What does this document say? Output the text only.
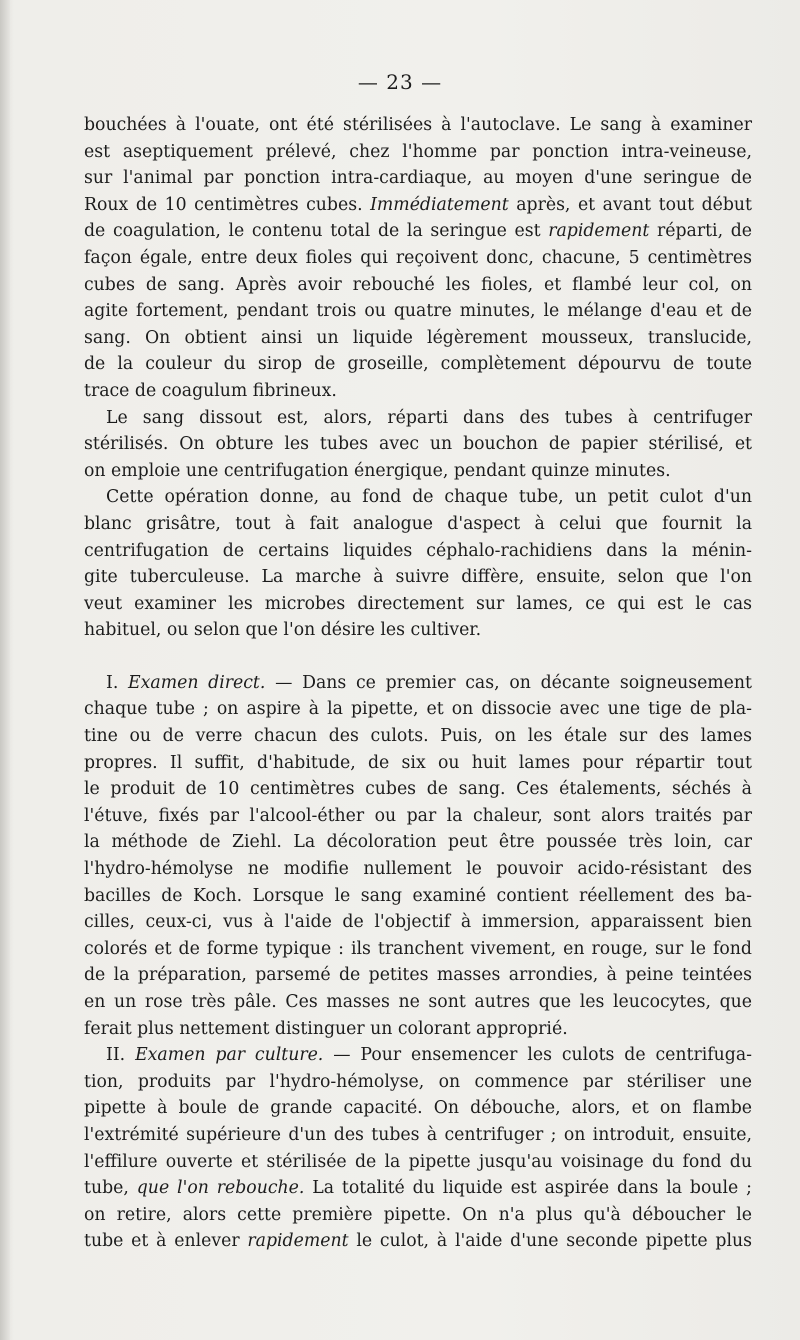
— 23 —

bouchées à l'ouate, ont été stérilisées à l'autoclave. Le sang à examiner

est aseptiquement prélevé, chez l'homme par ponction intra-veineuse,

sur l'animal par ponction intra-cardiaque, au moyen d'une seringue de

Roux de 10 centimètres cubes. Immédiatement après, et avant tout début

de coagulation, le contenu total de la seringue est rapidement réparti, de

façon égale, entre deux fioles qui reçoivent donc, chacune, 5 centimètres

cubes de sang. Après avoir rebouché les fioles, et flambé leur col, on

agite fortement, pendant trois ou quatre minutes, le mélange d'eau et de

sang. On obtient ainsi un liquide légèrement mousseux, translucide,

de la couleur du sirop de groseille, complètement dépourvu de toute

trace de coagulum fibrineux.

Le sang dissout est, alors, réparti dans des tubes à centrifuger

stérilisés. On obture les tubes avec un bouchon de papier stérilisé, et

on emploie une centrifugation énergique, pendant quinze minutes.

Cette opération donne, au fond de chaque tube, un petit culot d'un

blanc grisâtre, tout à fait analogue d'aspect à celui que fournit la

centrifugation de certains liquides céphalo-rachidiens dans la ménin-

gite tuberculeuse. La marche à suivre diffère, ensuite, selon que l'on

veut examiner les microbes directement sur lames, ce qui est le cas

habituel, ou selon que l'on désire les cultiver.

I. Examen direct. — Dans ce premier cas, on décante soigneusement

chaque tube ; on aspire à la pipette, et on dissocie avec une tige de pla-

tine ou de verre chacun des culots. Puis, on les étale sur des lames

propres. Il suffit, d'habitude, de six ou huit lames pour répartir tout

le produit de 10 centimètres cubes de sang. Ces étalements, séchés à

l'étuve, fixés par l'alcool-éther ou par la chaleur, sont alors traités par

la méthode de Ziehl. La décoloration peut être poussée très loin, car

l'hydro-hémolyse ne modifie nullement le pouvoir acido-résistant des

bacilles de Koch. Lorsque le sang examiné contient réellement des ba-

cilles, ceux-ci, vus à l'aide de l'objectif à immersion, apparaissent bien

colorés et de forme typique : ils tranchent vivement, en rouge, sur le fond

de la préparation, parsemé de petites masses arrondies, à peine teintées

en un rose très pâle. Ces masses ne sont autres que les leucocytes, que

ferait plus nettement distinguer un colorant approprié.

II. Examen par culture. — Pour ensemencer les culots de centrifuga-

tion, produits par l'hydro-hémolyse, on commence par stériliser une

pipette à boule de grande capacité. On débouche, alors, et on flambe

l'extrémité supérieure d'un des tubes à centrifuger ; on introduit, ensuite,

l'effilure ouverte et stérilisée de la pipette jusqu'au voisinage du fond du

tube, que l'on rebouche. La totalité du liquide est aspirée dans la boule ;

on retire, alors cette première pipette. On n'a plus qu'à déboucher le

tube et à enlever rapidement le culot, à l'aide d'une seconde pipette plus
